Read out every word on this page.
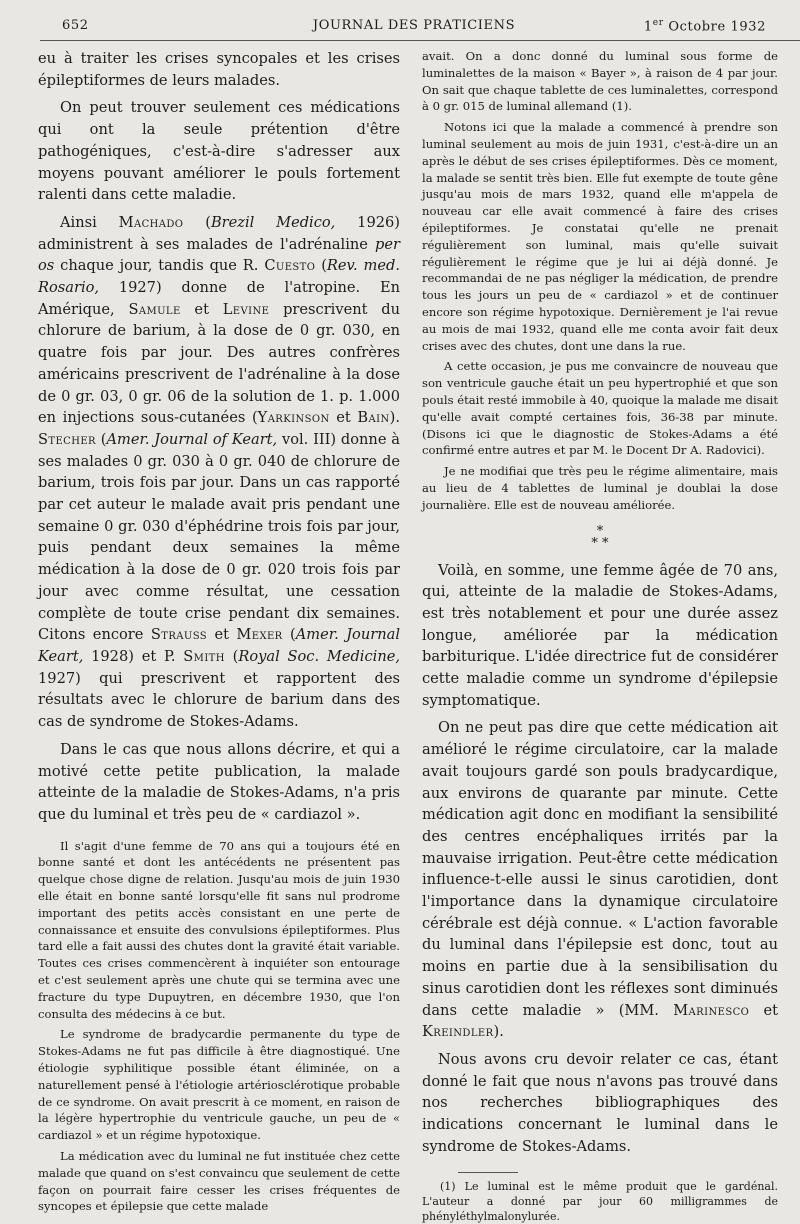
652	JOURNAL DES PRATICIENS	1er Octobre 1932

eu à traiter les crises syncopales et les crises épileptiformes de leurs malades.

On peut trouver seulement ces médications qui ont la seule prétention d'être pathogéniques, c'est-à-dire s'adresser aux moyens pouvant améliorer le pouls fortement ralenti dans cette maladie.

Ainsi Machado (Brezil Medico, 1926) administrent à ses malades de l'adrénaline per os chaque jour, tandis que R. Cuesto (Rev. med. Rosario, 1927) donne de l'atropine. En Amérique, Samule et Levine prescrivent du chlorure de barium, à la dose de 0 gr. 030, en quatre fois par jour. Des autres confrères américains prescrivent de l'adrénaline à la dose de 0 gr. 03, 0 gr. 06 de la solution de 1. p. 1.000 en injections sous-cutanées (Yarkinson et Bain). Stecher (Amer. Journal of Keart, vol. III) donne à ses malades 0 gr. 030 à 0 gr. 040 de chlorure de barium, trois fois par jour. Dans un cas rapporté par cet auteur le malade avait pris pendant une semaine 0 gr. 030 d'éphédrine trois fois par jour, puis pendant deux semaines la même médication à la dose de 0 gr. 020 trois fois par jour avec comme résultat, une cessation complète de toute crise pendant dix semaines. Citons encore Strauss et Mexer (Amer. Journal Keart, 1928) et P. Smith (Royal Soc. Medicine, 1927) qui prescrivent et rapportent des résultats avec le chlorure de barium dans des cas de syndrome de Stokes-Adams.

Dans le cas que nous allons décrire, et qui a motivé cette petite publication, la malade atteinte de la maladie de Stokes-Adams, n'a pris que du luminal et très peu de « cardiazol ».

Il s'agit d'une femme de 70 ans qui a toujours été en bonne santé et dont les antécédents ne présentent pas quelque chose digne de relation. Jusqu'au mois de juin 1930 elle était en bonne santé lorsqu'elle fit sans nul prodrome important des petits accès consistant en une perte de connaissance et ensuite des convulsions épileptiformes. Plus tard elle a fait aussi des chutes dont la gravité était variable. Toutes ces crises commencèrent à inquiéter son entourage et c'est seulement après une chute qui se termina avec une fracture du type Dupuytren, en décembre 1930, que l'on consulta des médecins à ce but.

Le syndrome de bradycardie permanente du type de Stokes-Adams ne fut pas difficile à être diagnostiqué. Une étiologie syphilitique possible étant éliminée, on a naturellement pensé à l'étiologie artériosclérotique probable de ce syndrome. On avait prescrit à ce moment, en raison de la légère hypertrophie du ventricule gauche, un peu de « cardiazol » et un régime hypotoxique.

La médication avec du luminal ne fut instituée chez cette malade que quand on s'est convaincu que seulement de cette façon on pourrait faire cesser les crises fréquentes de syncopes et épilepsie que cette malade

avait. On a donc donné du luminal sous forme de luminalettes de la maison « Bayer », à raison de 4 par jour. On sait que chaque tablette de ces luminalettes, correspond à 0 gr. 015 de luminal allemand (1).

Notons ici que la malade a commencé à prendre son luminal seulement au mois de juin 1931, c'est-à-dire un an après le début de ses crises épileptiformes. Dès ce moment, la malade se sentit très bien. Elle fut exempte de toute gêne jusqu'au mois de mars 1932, quand elle m'appela de nouveau car elle avait commencé à faire des crises épileptiformes. Je constatai qu'elle ne prenait régulièrement son luminal, mais qu'elle suivait régulièrement le régime que je lui ai déjà donné. Je recommandai de ne pas négliger la médication, de prendre tous les jours un peu de « cardiazol » et de continuer encore son régime hypotoxique. Dernièrement je l'ai revue au mois de mai 1932, quand elle me conta avoir fait deux crises avec des chutes, dont une dans la rue.

A cette occasion, je pus me convaincre de nouveau que son ventricule gauche était un peu hypertrophié et que son pouls était resté immobile à 40, quoique la malade me disait qu'elle avait compté certaines fois, 36-38 par minute. (Disons ici que le diagnostic de Stokes-Adams a été confirmé entre autres et par M. le Docent Dr A. Radovici).

Je ne modifiai que très peu le régime alimentaire, mais au lieu de 4 tablettes de luminal je doublai la dose journalière. Elle est de nouveau améliorée.

*
* *

Voilà, en somme, une femme âgée de 70 ans, qui, atteinte de la maladie de Stokes-Adams, est très notablement et pour une durée assez longue, améliorée par la médication barbiturique. L'idée directrice fut de considérer cette maladie comme un syndrome d'épilepsie symptomatique.

On ne peut pas dire que cette médication ait amélioré le régime circulatoire, car la malade avait toujours gardé son pouls bradycardique, aux environs de quarante par minute. Cette médication agit donc en modifiant la sensibilité des centres encéphaliques irrités par la mauvaise irrigation. Peut-être cette médication influence-t-elle aussi le sinus carotidien, dont l'importance dans la dynamique circulatoire cérébrale est déjà connue. « L'action favorable du luminal dans l'épilepsie est donc, tout au moins en partie due à la sensibilisation du sinus carotidien dont les réflexes sont diminués dans cette maladie » (MM. Marinesco et Kreindler).

Nous avons cru devoir relater ce cas, étant donné le fait que nous n'avons pas trouvé dans nos recherches bibliographiques des indications concernant le luminal dans le syndrome de Stokes-Adams.

(1) Le luminal est le même produit que le gardénal. L'auteur a donné par jour 60 milligrammes de phényléthylmalonylurée.
